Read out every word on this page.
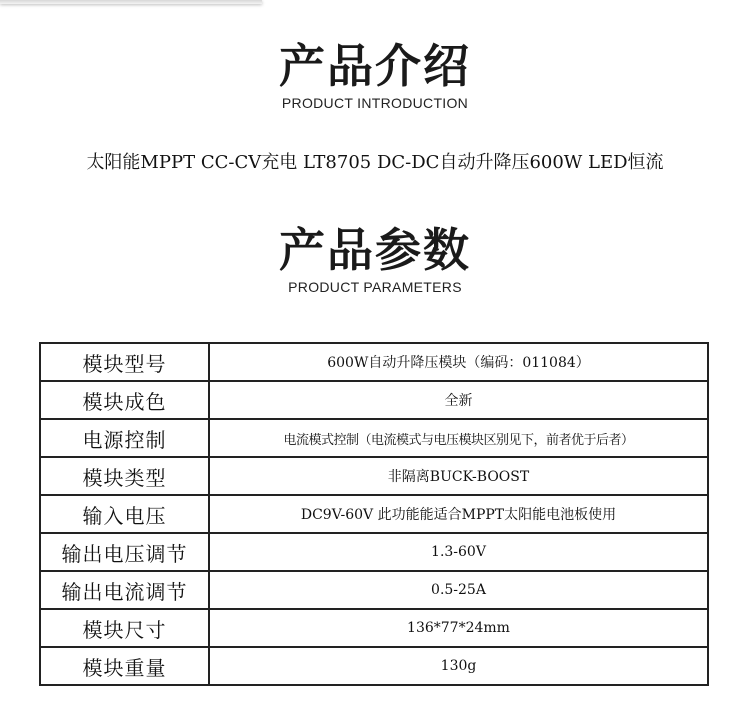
产品介绍
PRODUCT INTRODUCTION
太阳能MPPT CC-CV充电 LT8705 DC-DC自动升降压600W LED恒流
产品参数
PRODUCT PARAMETERS
模块型号	600W自动升降压模块（编码：011084）
模块成色	全新
电源控制	电流模式控制（电流模式与电压模块区别见下，前者优于后者）
模块类型	非隔离BUCK-BOOST
输入电压	DC9V-60V 此功能能适合MPPT太阳能电池板使用
输出电压调节	1.3-60V
输出电流调节	0.5-25A
模块尺寸	136*77*24mm
模块重量	130g
